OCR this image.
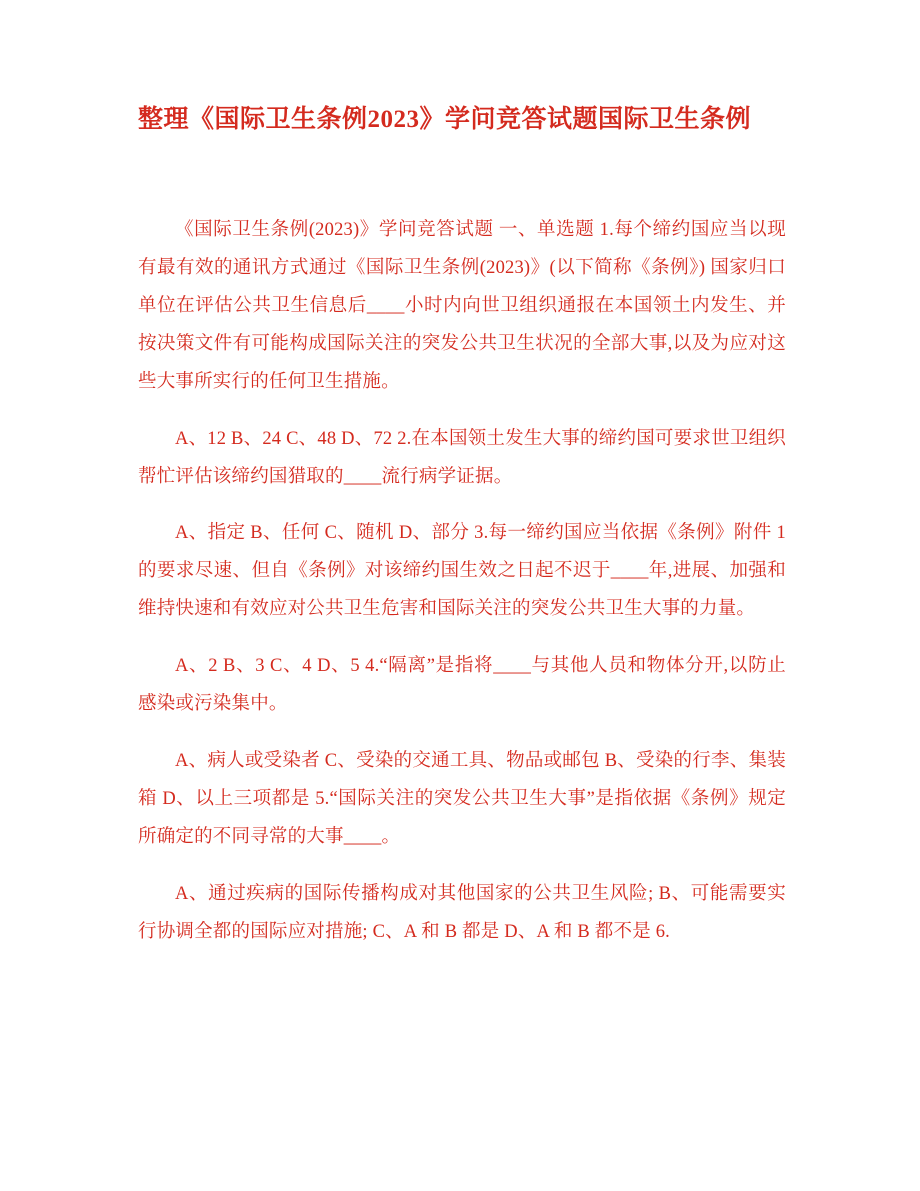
整理《国际卫生条例2023》学问竞答试题国际卫生条例

《国际卫生条例(2023)》学问竞答试题 一、单选题 1.每个缔约国应当以现有最有效的通讯方式通过《国际卫生条例(2023)》(以下简称《条例》) 国家归口单位在评估公共卫生信息后____小时内向世卫组织通报在本国领土内发生、并按决策文件有可能构成国际关注的突发公共卫生状况的全部大事,以及为应对这些大事所实行的任何卫生措施。

A、12 B、24 C、48 D、72 2.在本国领土发生大事的缔约国可要求世卫组织帮忙评估该缔约国猎取的____流行病学证据。

A、指定 B、任何 C、随机 D、部分 3.每一缔约国应当依据《条例》附件 1 的要求尽速、但自《条例》对该缔约国生效之日起不迟于____年,进展、加强和维持快速和有效应对公共卫生危害和国际关注的突发公共卫生大事的力量。

A、2 B、3 C、4 D、5 4.“隔离”是指将____与其他人员和物体分开,以防止感染或污染集中。

A、病人或受染者 C、受染的交通工具、物品或邮包 B、受染的行李、集装箱 D、以上三项都是 5.“国际关注的突发公共卫生大事”是指依据《条例》规定所确定的不同寻常的大事____。

A、通过疾病的国际传播构成对其他国家的公共卫生风险; B、可能需要实行协调全都的国际应对措施; C、A 和 B 都是 D、A 和 B 都不是 6.
